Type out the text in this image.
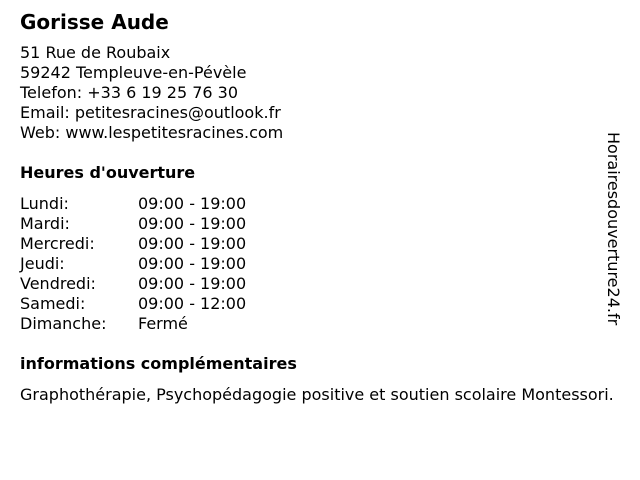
Gorisse Aude
51 Rue de Roubaix
59242 Templeuve-en-Pévèle
Telefon: +33 6 19 25 76 30
Email: petitesracines@outlook.fr
Web: www.lespetitesracines.com
Heures d'ouverture
Lundi:	09:00 - 19:00
Mardi:	09:00 - 19:00
Mercredi:	09:00 - 19:00
Jeudi:	09:00 - 19:00
Vendredi:	09:00 - 19:00
Samedi:	09:00 - 12:00
Dimanche: Fermé
informations complémentaires
Graphothérapie, Psychopédagogie positive et soutien scolaire Montessori.
Horairesdouverture24.fr
